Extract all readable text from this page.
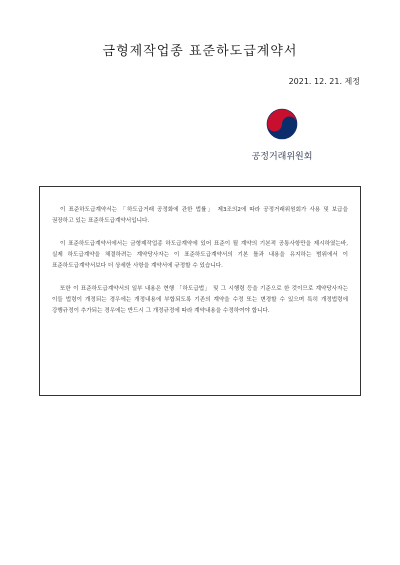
금형제작업종 표준하도급계약서
2021. 12. 21. 제정
공정거래위원회

이 표준하도급계약서는 「하도급거래 공정화에 관한 법률」 제3조의2에 따라 공정거래위원회가 사용 및 보급을 권장하고 있는 표준하도급계약서입니다.

이 표준하도급계약서에서는 금형제작업종 하도급계약에 있어 표준이 될 계약의 기본적 공통사항만을 제시하였는바, 실제 하도급계약을 체결하려는 계약당사자는 이 표준하도급계약서의 기본 틀과 내용을 유지하는 범위에서 이 표준하도급계약서보다 더 상세한 사항을 계약서에 규정할 수 있습니다.

또한 이 표준하도급계약서의 일부 내용은 현행 「하도급법」 및 그 시행령 등을 기준으로 한 것이므로 계약당사자는 이들 법령이 개정되는 경우에는 개정내용에 부합되도록 기존의 계약을 수정 또는 변경할 수 있으며 특히 개정법령에 강행규정이 추가되는 경우에는 반드시 그 개정규정에 따라 계약내용을 수정하여야 합니다.
